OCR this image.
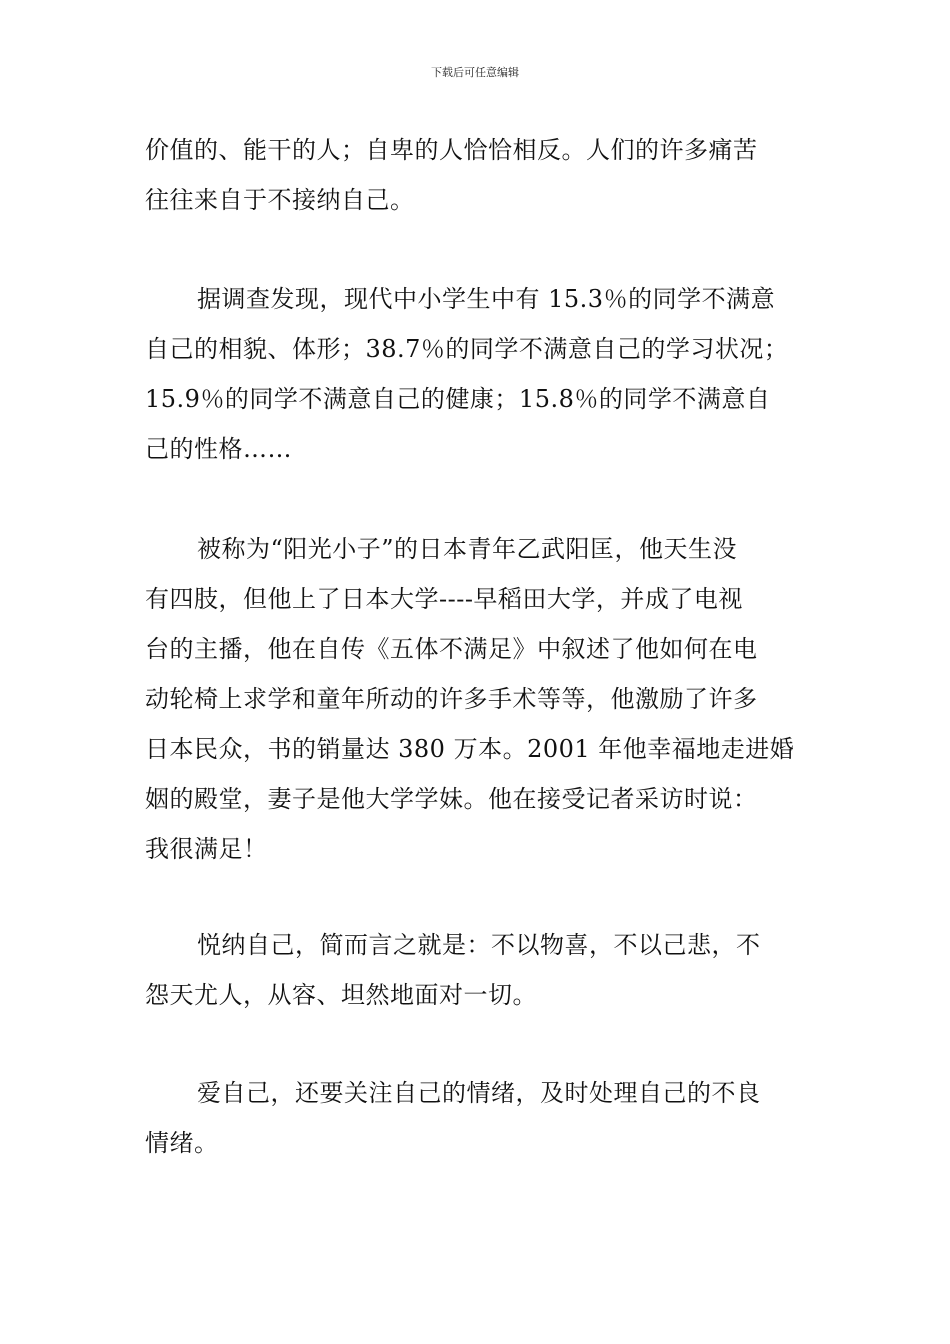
下载后可任意编辑
价值的、能干的人；自卑的人恰恰相反。人们的许多痛苦
往往来自于不接纳自己。
据调查发现，现代中小学生中有 15.3％的同学不满意
自己的相貌、体形；38.7％的同学不满意自己的学习状况；
15.9％的同学不满意自己的健康；15.8％的同学不满意自
己的性格……
被称为“阳光小子”的日本青年乙武阳匡，他天生没
有四肢，但他上了日本大学----早稻田大学，并成了电视
台的主播，他在自传《五体不满足》中叙述了他如何在电
动轮椅上求学和童年所动的许多手术等等，他激励了许多
日本民众，书的销量达 380 万本。2001 年他幸福地走进婚
姻的殿堂，妻子是他大学学妹。他在接受记者采访时说：
我很满足！
悦纳自己，简而言之就是：不以物喜，不以己悲，不
怨天尤人，从容、坦然地面对一切。
爱自己，还要关注自己的情绪，及时处理自己的不良
情绪。
